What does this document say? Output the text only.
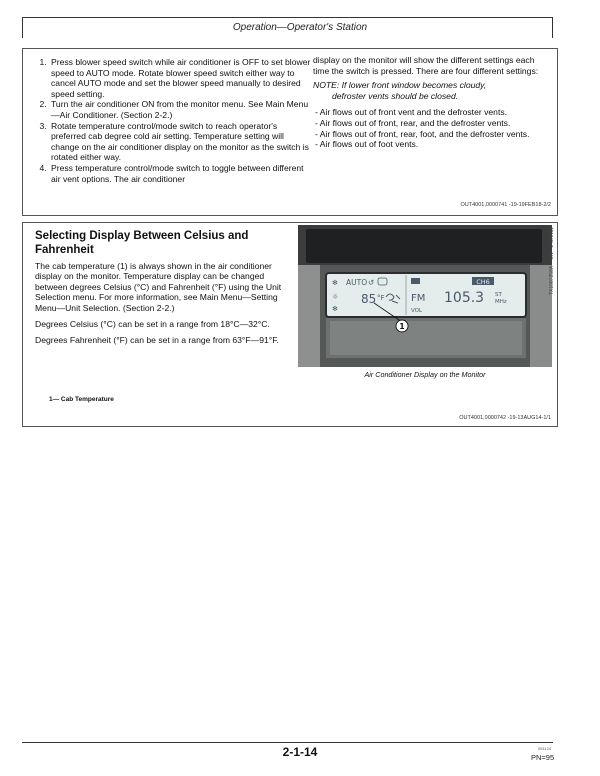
Operation—Operator's Station
1. Press blower speed switch while air conditioner is OFF to set blower speed to AUTO mode. Rotate blower speed switch either way to cancel AUTO mode and set the blower speed manually to desired speed setting.
2. Turn the air conditioner ON from the monitor menu. See Main Menu—Air Conditioner. (Section 2-2.)
3. Rotate temperature control/mode switch to reach operator's preferred cab degree cold air setting. Temperature setting will change on the air conditioner display on the monitor as the switch is rotated either way.
4. Press temperature control/mode switch to toggle between different air vent options. The air conditioner

display on the monitor will show the different settings each time the switch is pressed. There are four different settings:

NOTE: If lower front window becomes cloudy,
defroster vents should be closed.

- Air flows out of front vent and the defroster vents.
- Air flows out of front, rear, and the defroster vents.
- Air flows out of front, rear, foot, and the defroster vents.
- Air flows out of foot vents.
OUT4001,0000741 -19-19FEB18-2/2
Selecting Display Between Celsius and Fahrenheit

The cab temperature (1) is always shown in the air conditioner display on the monitor. Temperature display can be changed between degrees Celsius (°C) and Fahrenheit (°F) using the Unit Selection menu. For more information, see Main Menu—Setting Menu—Unit Selection. (Section 2-2.)

Degrees Celsius (°C) can be set in a range from 18°C—32°C.

Degrees Fahrenheit (°F) can be set in a range from 63°F—91°F.

1— Cab Temperature
✻
☼
✻
AUTO ↺
85 °F
CH6
FM 105.3 ST
MHz
VOL
1
Air Conditioner Display on the Monitor
TX1087258A —UN—24JAN11
OUT4001,0000742 -19-13AUG14-1/1
2-1-14	051124
PN=95
